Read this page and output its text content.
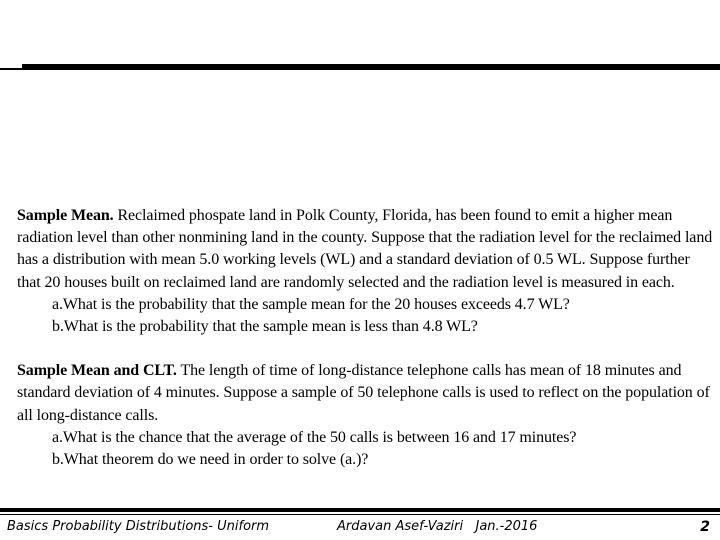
Sample Mean. Reclaimed phospate land in Polk County, Florida, has been found to emit a higher mean radiation level than other nonmining land in the county. Suppose that the radiation level for the reclaimed land has a distribution with mean 5.0 working levels (WL) and a standard deviation of 0.5 WL. Suppose further that 20 houses built on reclaimed land are randomly selected and the radiation level is measured in each.

a.What is the probability that the sample mean for the 20 houses exceeds 4.7 WL?

b.What is the probability that the sample mean is less than 4.8 WL?

Sample Mean and CLT. The length of time of long-distance telephone calls has mean of 18 minutes and standard deviation of 4 minutes. Suppose a sample of 50 telephone calls is used to reflect on the population of all long-distance calls.

a.What is the chance that the average of the 50 calls is between 16 and 17 minutes?

b.What theorem do we need in order to solve (a.)?

Basics Probability Distributions- Uniform	Ardavan Asef-Vaziri Jan.-2016	2
